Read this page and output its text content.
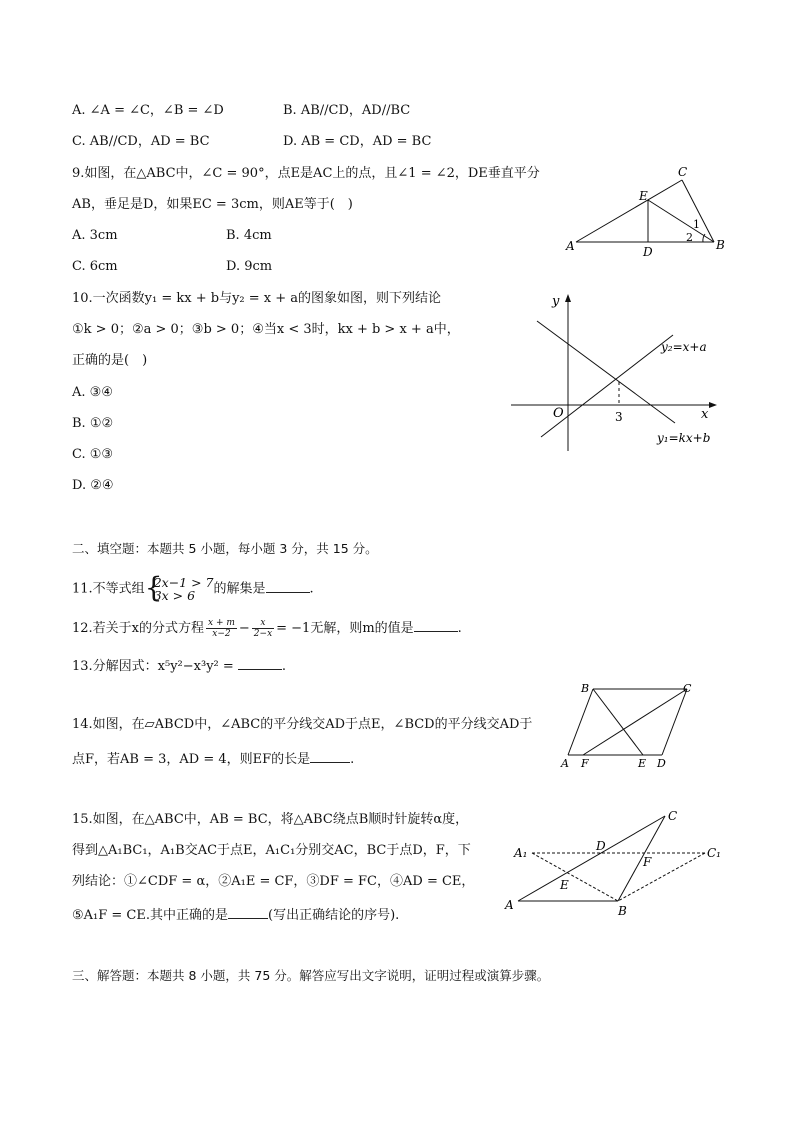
A. ∠A = ∠C，∠B = ∠D	B. AB//CD，AD//BC
C. AB//CD，AD = BC	D. AB = CD，AD = BC
9.如图，在△ABC中，∠C = 90°，点E是AC上的点，且∠1 = ∠2，DE垂直平分
AB，垂足是D，如果EC = 3cm，则AE等于(　)
A. 3cm	B. 4cm
C. 6cm	D. 9cm
C
E
A	D	B
1
2
10.一次函数y₁ = kx + b与y₂ = x + a的图象如图，则下列结论
①k > 0；②a > 0；③b > 0；④当x < 3时，kx + b > x + a中，
正确的是(　)
A. ③④
B. ①②
C. ①③
D. ②④
y
x
O	3
y₂=x+a
y₁=kx+b
二、填空题：本题共 5 小题，每小题 3 分，共 15 分。
11.不等式组 {
2x−1 > 7
3x > 6	的解集是	.
12.若关于x的分式方程 $\frac{x + m}{x-2} - \frac{x}{2-x} = -1$无解，则m的值是	.
13.分解因式：x⁵y²−x³y² =	.
14.如图，在▱ABCD中，∠ABC的平分线交AD于点E，∠BCD的平分线交AD于
点F，若AB = 3，AD = 4，则EF的长是	.
B	C
A F	E D
15.如图，在△ABC中，AB = BC，将△ABC绕点B顺时针旋转α度，
得到△A₁BC₁，A₁B交AC于点E，A₁C₁分别交AC，BC于点D，F，下
列结论：①∠CDF = α，②A₁E = CF，③DF = FC，④AD = CE，
⑤A₁F = CE.其中正确的是	(写出正确结论的序号).
C
A₁	D	C₁
F
E
A	B
三、解答题：本题共 8 小题，共 75 分。解答应写出文字说明，证明过程或演算步骤。
